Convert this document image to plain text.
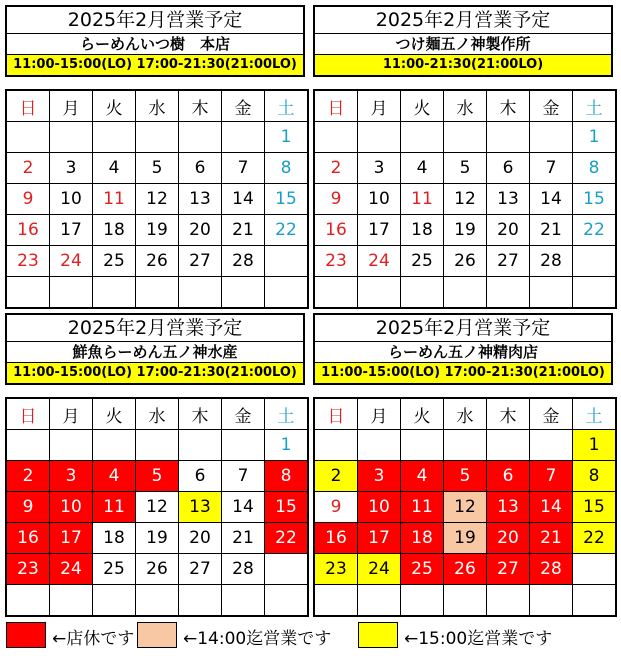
2025年2月営業予定
らーめんいつ樹　本店
11:00-15:00(LO) 17:00-21:30(21:00LO)
日	月	火	水	木	金	土
						1
2	3	4	5	6	7	8
9	10	11	12	13	14	15
16	17	18	19	20	21	22
23	24	25	26	27	28	

2025年2月営業予定
つけ麺五ノ神製作所
11:00-21:30(21:00LO)
日	月	火	水	木	金	土
						1
2	3	4	5	6	7	8
9	10	11	12	13	14	15
16	17	18	19	20	21	22
23	24	25	26	27	28	

2025年2月営業予定
鮮魚らーめん五ノ神水産
11:00-15:00(LO) 17:00-21:30(21:00LO)
日	月	火	水	木	金	土
						1
2	3	4	5	6	7	8
9	10	11	12	13	14	15
16	17	18	19	20	21	22
23	24	25	26	27	28	

2025年2月営業予定
らーめん五ノ神精肉店
11:00-15:00(LO) 17:00-21:30(21:00LO)
日	月	火	水	木	金	土
						1
2	3	4	5	6	7	8
9	10	11	12	13	14	15
16	17	18	19	20	21	22
23	24	25	26	27	28	

←店休です	←14:00迄営業です	←15:00迄営業です
